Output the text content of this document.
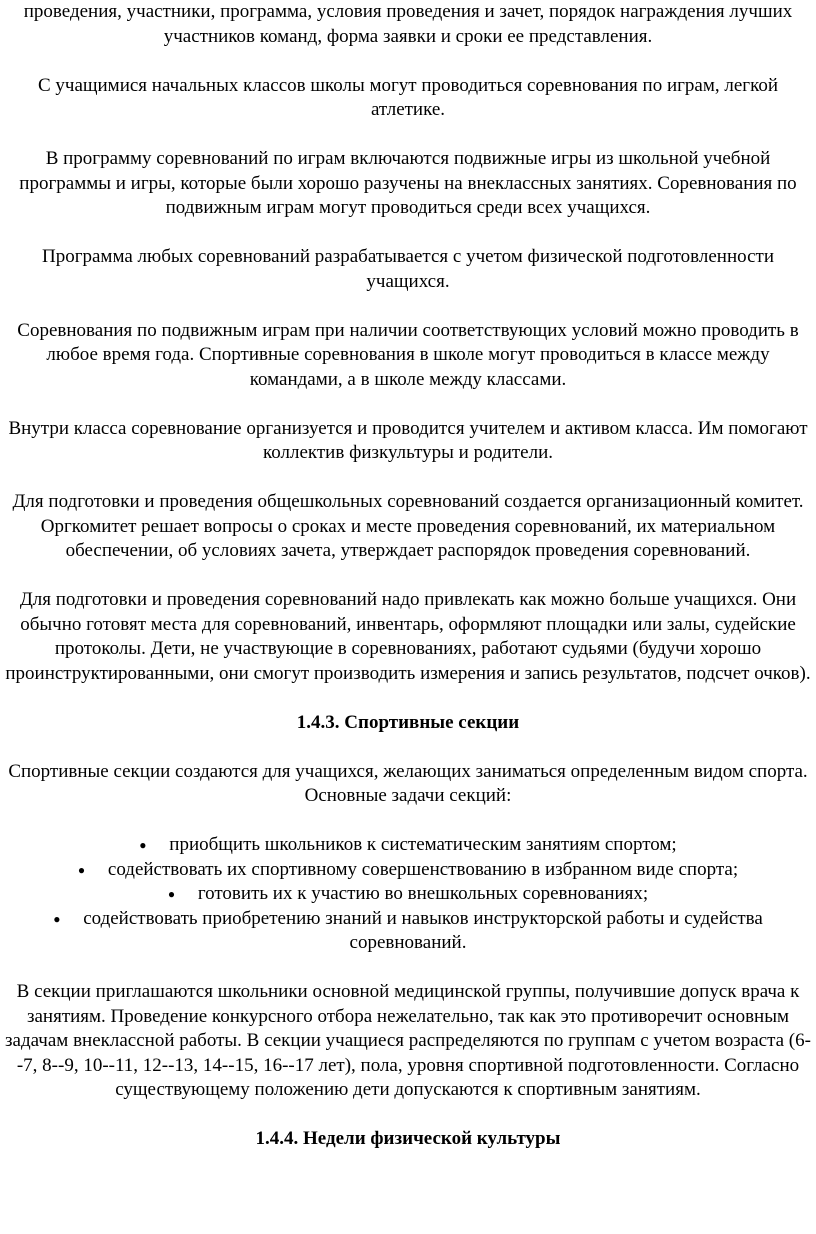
проведения, участники, программа, условия проведения и зачет, порядок награждения лучших участников команд, форма заявки и сроки ее представления.

С учащимися начальных классов школы могут проводиться соревнования по играм, легкой атлетике.

В программу соревнований по играм включаются подвижные игры из школьной учебной программы и игры, которые были хорошо разучены на внеклассных занятиях. Соревнования по подвижным играм могут проводиться среди всех учащихся.

Программа любых соревнований разрабатывается с учетом физической подготовленности учащихся.

Соревнования по подвижным играм при наличии соответствующих условий можно проводить в любое время года. Спортивные соревнования в школе могут проводиться в классе между командами, а в школе между классами.

Внутри класса соревнование организуется и проводится учителем и активом класса. Им помогают коллектив физкультуры и родители.

Для подготовки и проведения общешкольных соревнований создается организационный комитет. Оргкомитет решает вопросы о сроках и месте проведения соревнований, их материальном обеспечении, об условиях зачета, утверждает распорядок проведения соревнований.

Для подготовки и проведения соревнований надо привлекать как можно больше учащихся. Они обычно готовят места для соревнований, инвентарь, оформляют площадки или залы, судейские протоколы. Дети, не участвующие в соревнованиях, работают судьями (будучи хорошо проинструктированными, они смогут производить измерения и запись результатов, подсчет очков).

1.4.3. Спортивные секции

Спортивные секции создаются для учащихся, желающих заниматься определенным видом спорта. Основные задачи секций:

● приобщить школьников к систематическим занятиям спортом;
● содействовать их спортивному совершенствованию в избранном виде спорта;
● готовить их к участию во внешкольных соревнованиях;
● содействовать приобретению знаний и навыков инструкторской работы и судейства соревнований.

В секции приглашаются школьники основной медицинской группы, получившие допуск врача к занятиям. Проведение конкурсного отбора нежелательно, так как это противоречит основным задачам внеклассной работы. В секции учащиеся распределяются по группам с учетом возраста (6--7, 8--9, 10--11, 12--13, 14--15, 16--17 лет), пола, уровня спортивной подготовленности. Согласно существующему положению дети допускаются к спортивным занятиям.

1.4.4. Недели физической культуры
